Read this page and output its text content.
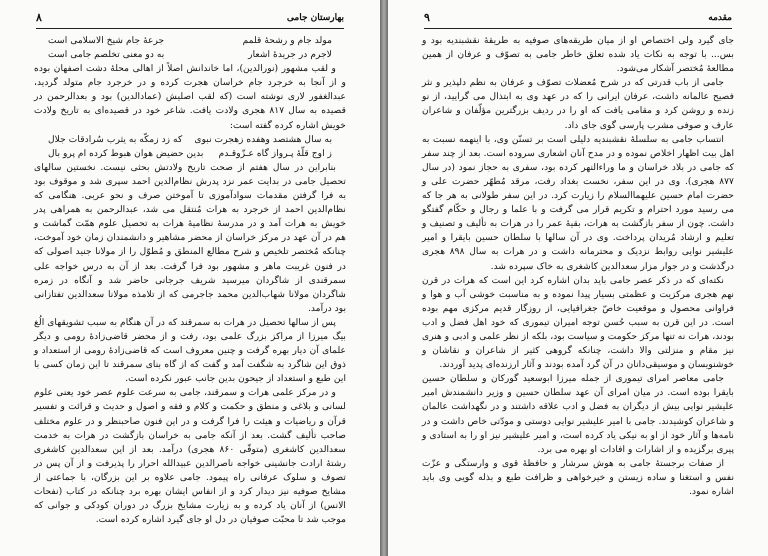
بهارستان جامی
۸
مولد جام و رشحهٔ قلمم
جرعهٔ جام شیخ الاسلامی است
لاجرم در جریدهٔ اشعار
به دو معنی تخلصم جامی است

و لقب مشهور (نورالدین)، اما خاندانش اصلاً از اهالی محلهٔ دشت اصفهان بوده و از آنجا به خرجرد جام خراسان هجرت کرده و در خرجرد جام متولد گردید، عبدالغفور لاری نوشته است (که لقب اصلیش (عمادالدین) بود و بعدالرحمن در قصیده به سال ۸۱۷ هجری ولادت یافت. شاعر خود در قصیده‌ای به تاریخ ولادت خویش اشاره کرده گفته است:

به سال هشتصد وهفده زهجرت نبوی
که زد زمکّه به یثرب سُرادقات جلال
ز اوج قلّهٔ پـرواز گاه عـزّوقـدم
بدین حضیض هوان هبوط کرده ام پرو بال

بنابراین در سال هفتم از صحت تاریخ ولادتش بحثی نیست. نخستین سالهای تحصیل جامی در بدایت عمر نزد پدرش نظام‌الدین احمد سپری شد و موقوف بود به فرا گرفتن مقدمات سوادآموزی تا آموختن صرف و نحو عربی. هنگامی که نظام‌الدین احمد از خرجرد به هرات مُنتقل می شد، عبدالرحمن به همراهی پدر خویش به هرات آمد و در مدرسهٔ نظامیهٔ هرات به تحصیل علوم همّت گماشت و هم در آن عهد در مرکز خراسان از محضر مشاهیر و دانشمندان زمان خود آموخت، چنانکه مُختصر تلخیص و شرح مطالع المنطق و مُطوّل را از مولانا جنید اصولی که در فنون غریبت ماهر و مشهور بود فرا گرفت. بعد از آن به درس خواجه علی سمرقندی از شاگردان میرسید شریف جرجانی حاضر شد و آنگاه در زمره شاگردان مولانا شهاب‌الدین محمد جاجرمی که از تلامذه مولانا سعدالدین تفتازانی بود درآمد.

پس از سالها تحصیل در هرات به سمرقند که در آن هنگام به سبب تشویقهای الُغ بیگ میرزا از مراکز بزرگ علمی بود، رفت و از محضر قاضی‌زادهٔ رومی و دیگر علمای آن دیار بهره گرفت و چنین معروف است که قاضی‌زادهٔ رومی از استعداد و ذوق این شاگرد به شگفت آمد و گفت که از گاه بنای سمرقند تا این زمان کسی با این طبع و استعداد از جیحون بدین جانب عبور نکرده است.

و در مرکز علمی هرات و سمرقند، جامی به سرعت علوم عصر خود یعنی علوم لسانی و بلاغی و منطق و حکمت و کلام و فقه و اصول و حدیث و قرائت و تفسیر قرآن و ریاضیات و هیئت را فرا گرفت و در این فنون صاحبنظر و در علوم مختلف صاحب تألیف گشت. بعد از آنکه جامی به خراسان بازگشت در هرات به خدمت سعدالدین کاشغری (متوفّی ۸۶۰ هجری) درآمد. بعد از این سعدالدین کاشغری رشتهٔ ارادت جانشینی خواجه ناصرالدین عبیدالله احرار را پذیرفت و از آن پس در تصوف و سلوک عرفانی راه پیمود. جامی علاوه بر این بزرگان، با جماعتی از مشایخ صوفیه نیز دیدار کرد و از انفاس ایشان بهره برد چنانکه در کتاب (نفحات الانس) از آنان یاد کرده و به زیارت مشایخ بزرگ در دوران کودکی و جوانی که موجب شد تا محبّت صوفیان در دل او جای گیرد اشاره کرده است.

مقدمه
۹

جای گیرد ولی اختصاص او از میان طریقه‌های صوفیه به طریقهٔ نقشبندیه بود و بس... با توجه به نکات یاد شده تعلق خاطر جامی به تصوّف و عرفان از همین مطالعهٔ مُختصر آشکار می‌شود.

جامی از باب قدرتی که در شرح مُعضلات تصوّف و عرفان به نظم دلپذیر و نثر فصیح عالمانه داشت، عرفان ایرانی را که در عهد وی به ابتذال می گرایید، از نو زنده و روشن کرد و مقامی یافت که او را در ردیف بزرگترین مؤلّفان و شاعران عارف و صوفی مشرب پارسی گوی جای داد.

انتساب جامی به سلسلهٔ نقشبندیه دلیلی است بر تسنّن وی، با اینهمه نسبت به اهل بیت اظهار اخلاص نموده و در مدح آنان اشعاری سروده است. بعد از چند سفر که جامی در بلاد خراسان و ما وراءالنهر کرده بود، سفری به حجاز نمود (در سال ۸۷۷ هجری). وی در این سفر، نخست بغداد رفت، مرقد مُطهّر حضرت علی و حضرت امام حسین علیهماالسلام را زیارت کرد. در این سفر طولانی به هر جا که می رسید مورد احترام و تکریم قرار می گرفت و با علما و رجال و حکّام گفتگو داشت. چون از سفر بازگشت به هرات، بقیهٔ عمر را در هرات به تألیف و تصنیف و تعلیم و ارشاد مُریدان پرداخت. وی در آن سالها با سلطان حسین بایقرا و امیر علیشیر نوایی روابط نزدیک و محترمانه داشت و در هرات به سال ۸۹۸ هجری درگذشت و در جوار مزار سعدالدین کاشغری به خاک سپرده شد.

نکته‌ای که در ذکر عصر جامی باید بدان اشاره کرد این است که هرات در قرن نهم هجری مرکزیت و عظمتی بسیار پیدا نموده و به مناسبت خوشی آب و هوا و فراوانی محصول و موقعیت خاصّ جغرافیایی، از روزگار قدیم مرکزی مهم بوده است. در این قرن به سبب حُسن توجه امیران تیموری که خود اهل فضل و ادب بودند، هرات نه تنها مرکز حکومت و سیاست بود، بلکه از نظر علمی و ادبی و هنری نیز مقام و منزلتی والا داشت، چنانکه گروهی کثیر از شاعران و نقاشان و خوشنویسان و موسیقی‌دانان در آن گرد آمده بودند و آثار ارزنده‌ای پدید آوردند.

جامی معاصر امرای تیموری از جمله میرزا ابوسعید گورکان و سلطان حسین بایقرا بوده است. در میان امرای آن عهد سلطان حسین و وزیر دانشمندش امیر علیشیر نوایی بیش از دیگران به فضل و ادب علاقه داشتند و در نگهداشت عالمان و شاعران کوشیدند. جامی با امیر علیشیر نوایی دوستی و مودّتی خاص داشت و در نامه‌ها و آثار خود از او به نیکی یاد کرده است، و امیر علیشیر نیز او را به استادی و پیری برگزیده و از اشارات و افادات او بهره می برد.

از صفات برجستهٔ جامی به هوش سرشار و حافظهٔ قوی و وارستگی و عزّت نفس و استغنا و ساده زیستن و خیرخواهی و ظرافت طبع و بذله گویی وی باید اشاره نمود.
